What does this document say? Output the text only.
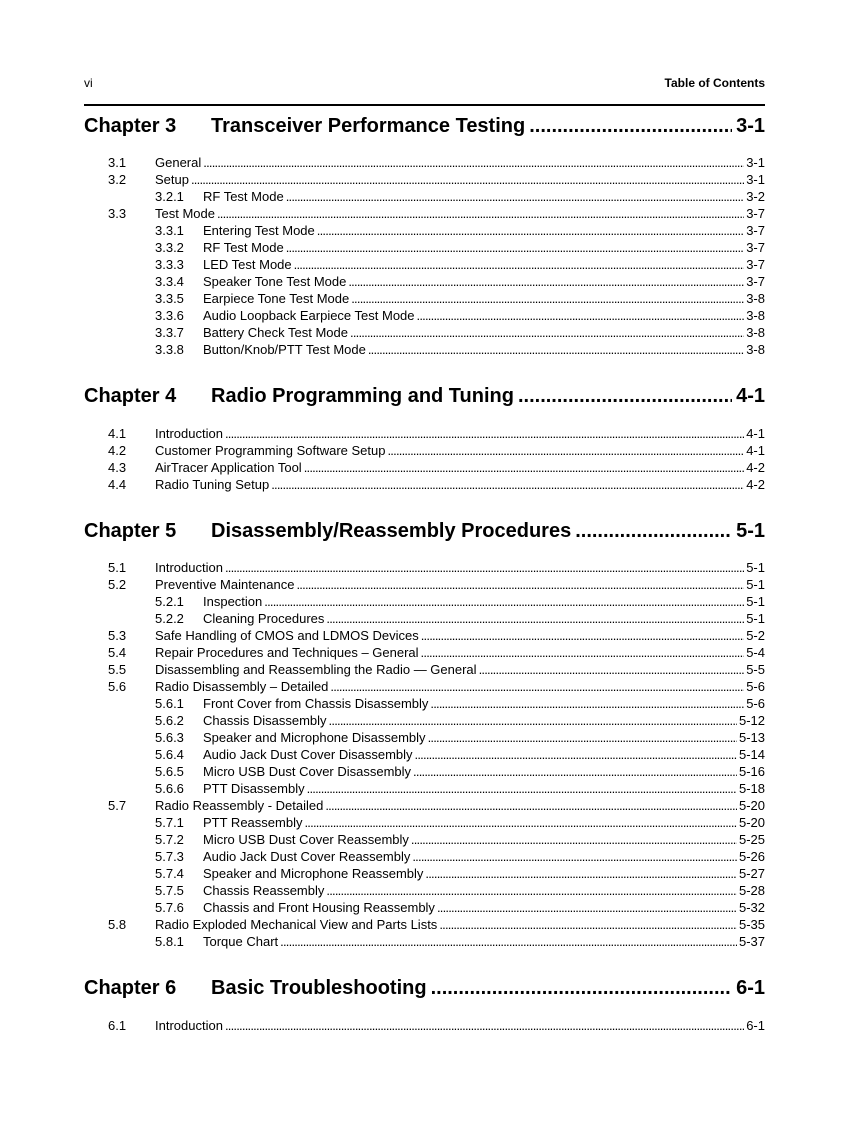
vi	Table of Contents
Chapter 3	Transceiver Performance Testing .....	3-1
3.1	General . . .	3-1
3.2	Setup . . .	3-1
3.2.1	RF Test Mode . . .	3-2
3.3	Test Mode . . .	3-7
3.3.1	Entering Test Mode . . .	3-7
3.3.2	RF Test Mode . . .	3-7
3.3.3	LED Test Mode . . .	3-7
3.3.4	Speaker Tone Test Mode . . .	3-7
3.3.5	Earpiece Tone Test Mode . . .	3-8
3.3.6	Audio Loopback Earpiece Test Mode . . .	3-8
3.3.7	Battery Check Test Mode . . .	3-8
3.3.8	Button/Knob/PTT Test Mode . . .	3-8
Chapter 4	Radio Programming and Tuning .....	4-1
4.1	Introduction . . .	4-1
4.2	Customer Programming Software Setup . . .	4-1
4.3	AirTracer Application Tool . . .	4-2
4.4	Radio Tuning Setup . . .	4-2
Chapter 5	Disassembly/Reassembly Procedures .....	5-1
5.1	Introduction . . .	5-1
5.2	Preventive Maintenance . . .	5-1
5.2.1	Inspection . . .	5-1
5.2.2	Cleaning Procedures . . .	5-1
5.3	Safe Handling of CMOS and LDMOS Devices . . .	5-2
5.4	Repair Procedures and Techniques – General . . .	5-4
5.5	Disassembling and Reassembling the Radio — General . . .	5-5
5.6	Radio Disassembly – Detailed . . .	5-6
5.6.1	Front Cover from Chassis Disassembly . . .	5-6
5.6.2	Chassis Disassembly . . .	5-12
5.6.3	Speaker and Microphone Disassembly . . .	5-13
5.6.4	Audio Jack Dust Cover Disassembly . . .	5-14
5.6.5	Micro USB Dust Cover Disassembly . . .	5-16
5.6.6	PTT Disassembly . . .	5-18
5.7	Radio Reassembly - Detailed . . .	5-20
5.7.1	PTT Reassembly . . .	5-20
5.7.2	Micro USB Dust Cover Reassembly . . .	5-25
5.7.3	Audio Jack Dust Cover Reassembly . . .	5-26
5.7.4	Speaker and Microphone Reassembly . . .	5-27
5.7.5	Chassis Reassembly . . .	5-28
5.7.6	Chassis and Front Housing Reassembly . . .	5-32
5.8	Radio Exploded Mechanical View and Parts Lists . . .	5-35
5.8.1	Torque Chart . . .	5-37
Chapter 6	Basic Troubleshooting .....	6-1
6.1	Introduction . . .	6-1
